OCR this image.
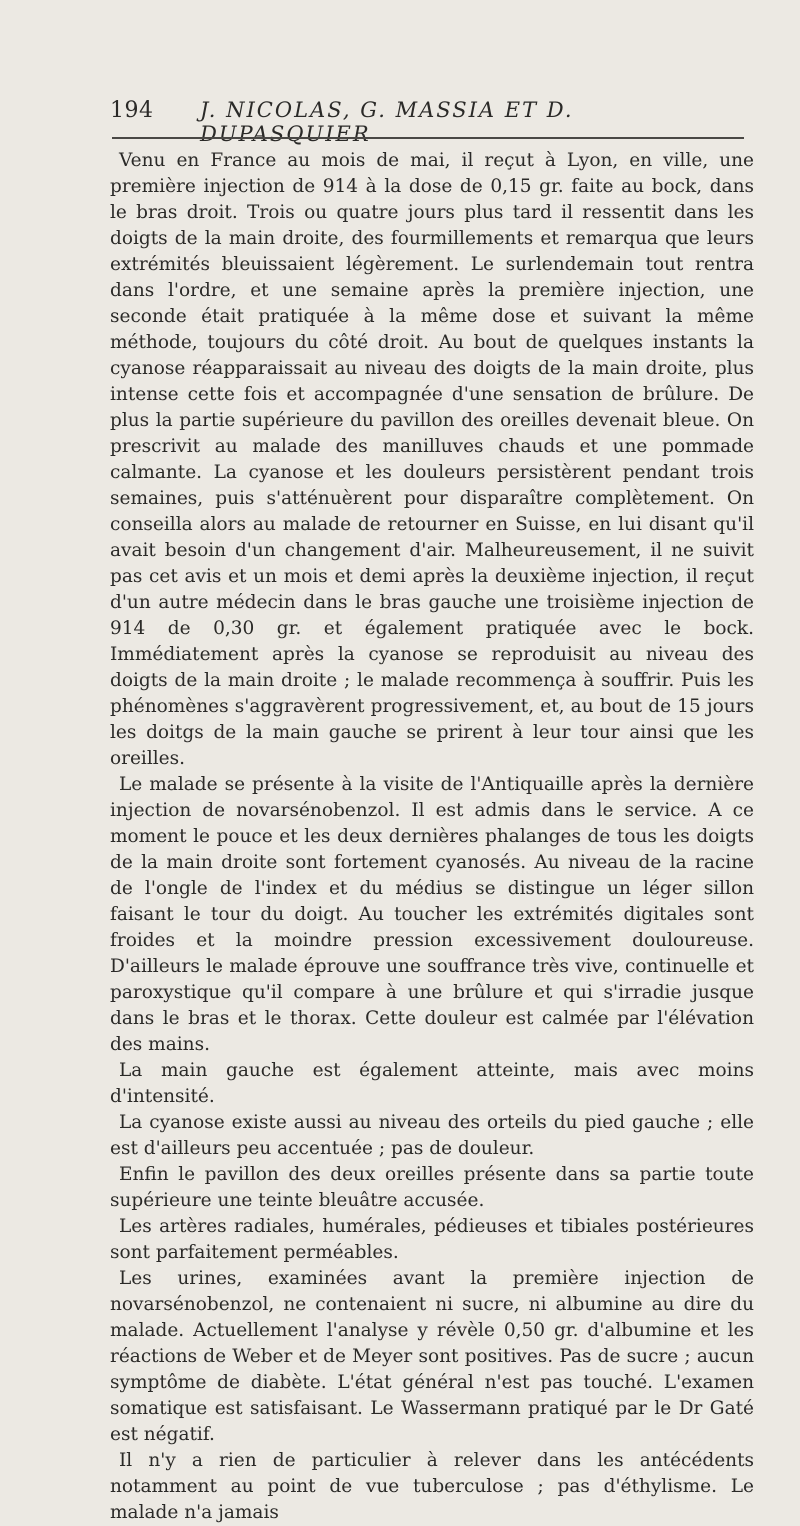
194 J. NICOLAS, G. MASSIA ET D. DUPASQUIER

Venu en France au mois de mai, il reçut à Lyon, en ville, une première injection de 914 à la dose de 0,15 gr. faite au bock, dans le bras droit. Trois ou quatre jours plus tard il ressentit dans les doigts de la main droite, des fourmillements et remarqua que leurs extrémités bleuissaient légèrement. Le surlendemain tout rentra dans l'ordre, et une semaine après la première injection, une seconde était pratiquée à la même dose et suivant la même méthode, toujours du côté droit. Au bout de quelques instants la cyanose réapparaissait au niveau des doigts de la main droite, plus intense cette fois et accompagnée d'une sensation de brûlure. De plus la partie supérieure du pavillon des oreilles devenait bleue. On prescrivit au malade des manilluves chauds et une pommade calmante. La cyanose et les douleurs persistèrent pendant trois semaines, puis s'atténuèrent pour disparaître complètement. On conseilla alors au malade de retourner en Suisse, en lui disant qu'il avait besoin d'un changement d'air. Malheureusement, il ne suivit pas cet avis et un mois et demi après la deuxième injection, il reçut d'un autre médecin dans le bras gauche une troisième injection de 914 de 0,30 gr. et également pratiquée avec le bock. Immédiatement après la cyanose se reproduisit au niveau des doigts de la main droite ; le malade recommença à souffrir. Puis les phénomènes s'aggravèrent progressivement, et, au bout de 15 jours les doitgs de la main gauche se prirent à leur tour ainsi que les oreilles.

Le malade se présente à la visite de l'Antiquaille après la dernière injection de novarsénobenzol. Il est admis dans le service. A ce moment le pouce et les deux dernières phalanges de tous les doigts de la main droite sont fortement cyanosés. Au niveau de la racine de l'ongle de l'index et du médius se distingue un léger sillon faisant le tour du doigt. Au toucher les extrémités digitales sont froides et la moindre pression excessivement douloureuse. D'ailleurs le malade éprouve une souffrance très vive, continuelle et paroxystique qu'il compare à une brûlure et qui s'irradie jusque dans le bras et le thorax. Cette douleur est calmée par l'élévation des mains.

La main gauche est également atteinte, mais avec moins d'intensité.

La cyanose existe aussi au niveau des orteils du pied gauche ; elle est d'ailleurs peu accentuée ; pas de douleur.

Enfin le pavillon des deux oreilles présente dans sa partie toute supérieure une teinte bleuâtre accusée.

Les artères radiales, humérales, pédieuses et tibiales postérieures sont parfaitement perméables.

Les urines, examinées avant la première injection de novarsénobenzol, ne contenaient ni sucre, ni albumine au dire du malade. Actuellement l'analyse y révèle 0,50 gr. d'albumine et les réactions de Weber et de Meyer sont positives. Pas de sucre ; aucun symptôme de diabète. L'état général n'est pas touché. L'examen somatique est satisfaisant. Le Wassermann pratiqué par le Dr Gaté est négatif.

Il n'y a rien de particulier à relever dans les antécédents notamment au point de vue tuberculose ; pas d'éthylisme. Le malade n'a jamais
